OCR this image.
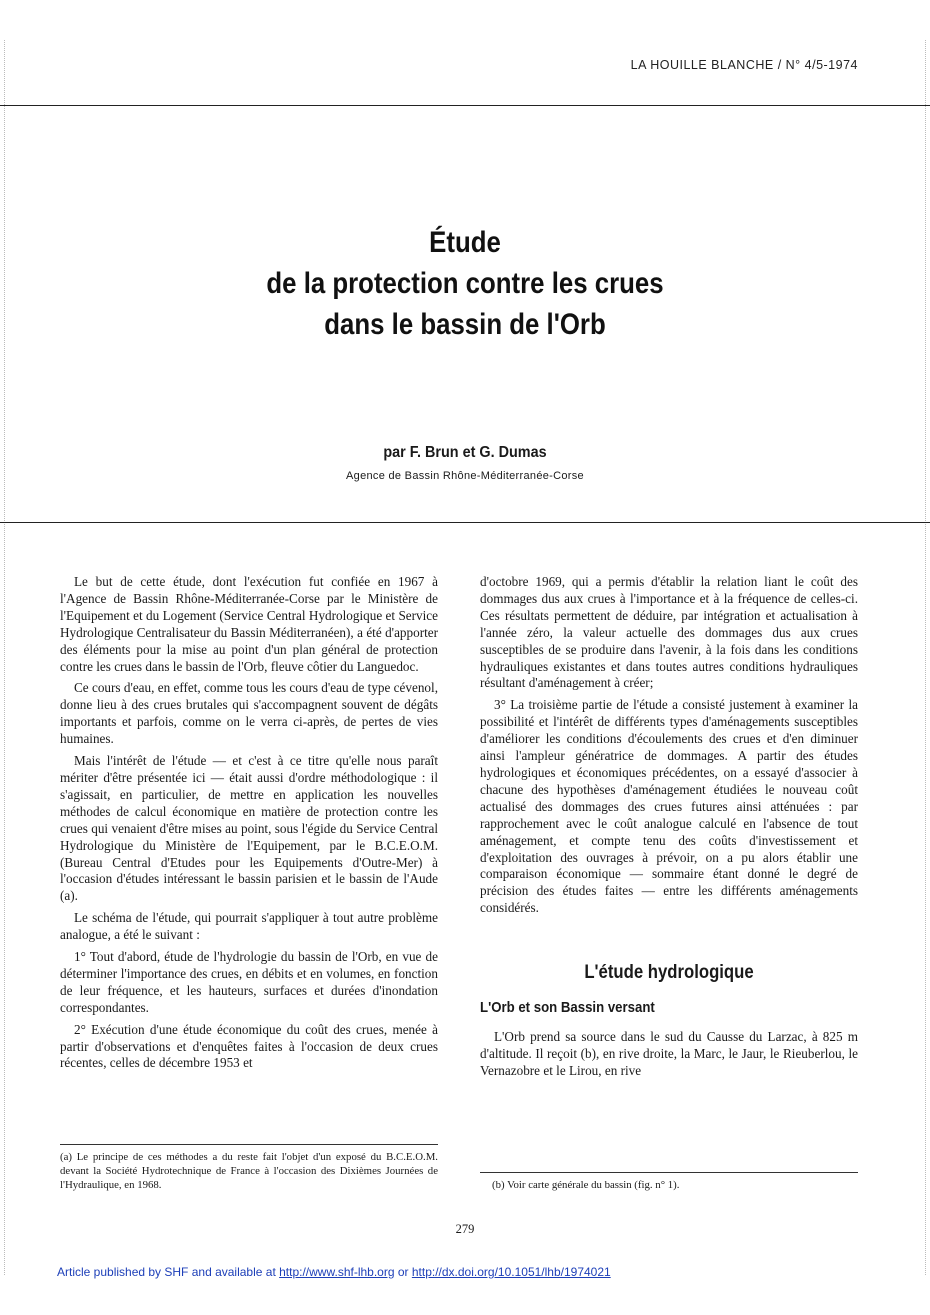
LA HOUILLE BLANCHE / N° 4/5-1974
Étude
de la protection contre les crues
dans le bassin de l'Orb
par F. Brun et G. Dumas
Agence de Bassin Rhône-Méditerranée-Corse

Le but de cette étude, dont l'exécution fut confiée en 1967 à l'Agence de Bassin Rhône-Méditerranée-Corse par le Ministère de l'Equipement et du Logement (Service Central Hydrologique et Service Hydrologique Centralisateur du Bassin Méditerranéen), a été d'apporter des éléments pour la mise au point d'un plan général de protection contre les crues dans le bassin de l'Orb, fleuve côtier du Languedoc.

Ce cours d'eau, en effet, comme tous les cours d'eau de type cévenol, donne lieu à des crues brutales qui s'accompagnent souvent de dégâts importants et parfois, comme on le verra ci-après, de pertes de vies humaines.

Mais l'intérêt de l'étude — et c'est à ce titre qu'elle nous paraît mériter d'être présentée ici — était aussi d'ordre méthodologique : il s'agissait, en particulier, de mettre en application les nouvelles méthodes de calcul économique en matière de protection contre les crues qui venaient d'être mises au point, sous l'égide du Service Central Hydrologique du Ministère de l'Equipement, par le B.C.E.O.M. (Bureau Central d'Etudes pour les Equipements d'Outre-Mer) à l'occasion d'études intéressant le bassin parisien et le bassin de l'Aude (a).

Le schéma de l'étude, qui pourrait s'appliquer à tout autre problème analogue, a été le suivant :

1° Tout d'abord, étude de l'hydrologie du bassin de l'Orb, en vue de déterminer l'importance des crues, en débits et en volumes, en fonction de leur fréquence, et les hauteurs, surfaces et durées d'inondation correspondantes.

2° Exécution d'une étude économique du coût des crues, menée à partir d'observations et d'enquêtes faites à l'occasion de deux crues récentes, celles de décembre 1953 et

(a) Le principe de ces méthodes a du reste fait l'objet d'un exposé du B.C.E.O.M. devant la Société Hydrotechnique de France à l'occasion des Dixièmes Journées de l'Hydraulique, en 1968.

d'octobre 1969, qui a permis d'établir la relation liant le coût des dommages dus aux crues à l'importance et à la fréquence de celles-ci. Ces résultats permettent de déduire, par intégration et actualisation à l'année zéro, la valeur actuelle des dommages dus aux crues susceptibles de se produire dans l'avenir, à la fois dans les conditions hydrauliques existantes et dans toutes autres conditions hydrauliques résultant d'aménagement à créer;

3° La troisième partie de l'étude a consisté justement à examiner la possibilité et l'intérêt de différents types d'aménagements susceptibles d'améliorer les conditions d'écoulements des crues et d'en diminuer ainsi l'ampleur génératrice de dommages. A partir des études hydrologiques et économiques précédentes, on a essayé d'associer à chacune des hypothèses d'aménagement étudiées le nouveau coût actualisé des dommages des crues futures ainsi atténuées : par rapprochement avec le coût analogue calculé en l'absence de tout aménagement, et compte tenu des coûts d'investissement et d'exploitation des ouvrages à prévoir, on a pu alors établir une comparaison économique — sommaire étant donné le degré de précision des études faites — entre les différents aménagements considérés.

L'étude hydrologique
L'Orb et son Bassin versant

L'Orb prend sa source dans le sud du Causse du Larzac, à 825 m d'altitude. Il reçoit (b), en rive droite, la Marc, le Jaur, le Rieuberlou, le Vernazobre et le Lirou, en rive

(b) Voir carte générale du bassin (fig. n° 1).
279
Article published by SHF and available at http://www.shf-lhb.org or http://dx.doi.org/10.1051/lhb/1974021
